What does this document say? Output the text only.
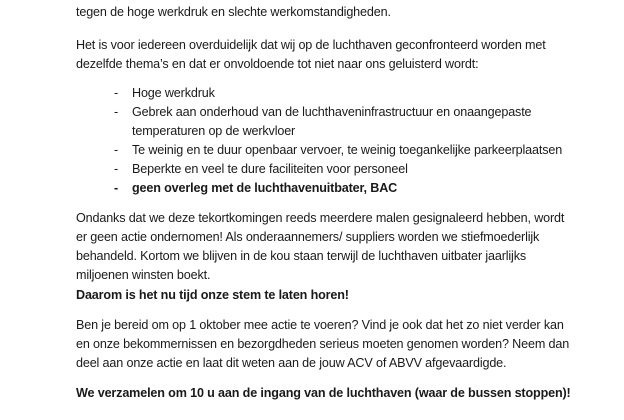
tegen de hoge werkdruk en slechte werkomstandigheden.
Het is voor iedereen overduidelijk dat wij op de luchthaven geconfronteerd worden met
dezelfde thema’s en dat er onvoldoende tot niet naar ons geluisterd wordt:
- Hoge werkdruk
- Gebrek aan onderhoud van de luchthaveninfrastructuur en onaangepaste
temperaturen op de werkvloer
- Te weinig en te duur openbaar vervoer, te weinig toegankelijke parkeerplaatsen
- Beperkte en veel te dure faciliteiten voor personeel
- geen overleg met de luchthavenuitbater, BAC
Ondanks dat we deze tekortkomingen reeds meerdere malen gesignaleerd hebben, wordt
er geen actie ondernomen! Als onderaannemers/ suppliers worden we stiefmoederlijk
behandeld. Kortom we blijven in de kou staan terwijl de luchthaven uitbater jaarlijks
miljoenen winsten boekt.
Daarom is het nu tijd onze stem te laten horen!
Ben je bereid om op 1 oktober mee actie te voeren? Vind je ook dat het zo niet verder kan
en onze bekommernissen en bezorgdheden serieus moeten genomen worden? Neem dan
deel aan onze actie en laat dit weten aan de jouw ACV of ABVV afgevaardigde.
We verzamelen om 10 u aan de ingang van de luchthaven (waar de bussen stoppen)!
